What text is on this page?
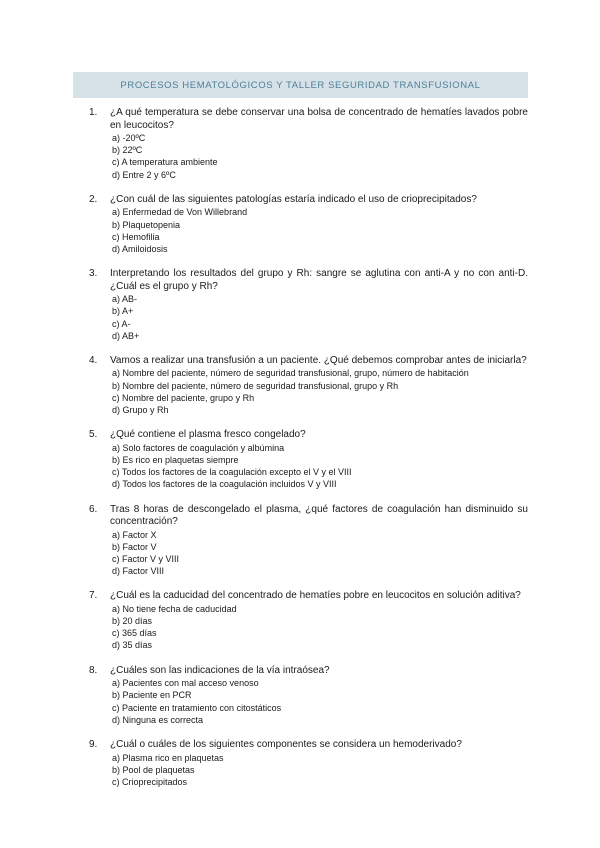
PROCESOS HEMATOLÓGICOS Y TALLER SEGURIDAD TRANSFUSIONAL
1. ¿A qué temperatura se debe conservar una bolsa de concentrado de hematíes lavados pobre en leucocitos?
a) -20ºC
b) 22ºC
c) A temperatura ambiente
d) Entre 2 y 6ºC
2. ¿Con cuál de las siguientes patologías estaría indicado el uso de crioprecipitados?
a) Enfermedad de Von Willebrand
b) Plaquetopenia
c) Hemofilia
d) Amiloidosis
3. Interpretando los resultados del grupo y Rh: sangre se aglutina con anti-A y no con anti-D. ¿Cuál es el grupo y Rh?
a) AB-
b) A+
c) A-
d) AB+
4. Vamos a realizar una transfusión a un paciente. ¿Qué debemos comprobar antes de iniciarla?
a) Nombre del paciente, número de seguridad transfusional, grupo, número de habitación
b) Nombre del paciente, número de seguridad transfusional, grupo y Rh
c) Nombre del paciente, grupo y Rh
d) Grupo y Rh
5. ¿Qué contiene el plasma fresco congelado?
a) Solo factores de coagulación y albúmina
b) Es rico en plaquetas siempre
c) Todos los factores de la coagulación excepto el V y el VIII
d) Todos los factores de la coagulación incluidos V y VIII
6. Tras 8 horas de descongelado el plasma, ¿qué factores de coagulación han disminuido su concentración?
a) Factor X
b) Factor V
c) Factor V y VIII
d) Factor VIII
7. ¿Cuál es la caducidad del concentrado de hematíes pobre en leucocitos en solución aditiva?
a) No tiene fecha de caducidad
b) 20 días
c) 365 días
d) 35 días
8. ¿Cuáles son las indicaciones de la vía intraósea?
a) Pacientes con mal acceso venoso
b) Paciente en PCR
c) Paciente en tratamiento con citostáticos
d) Ninguna es correcta
9. ¿Cuál o cuáles de los siguientes componentes se considera un hemoderivado?
a) Plasma rico en plaquetas
b) Pool de plaquetas
c) Crioprecipitados
